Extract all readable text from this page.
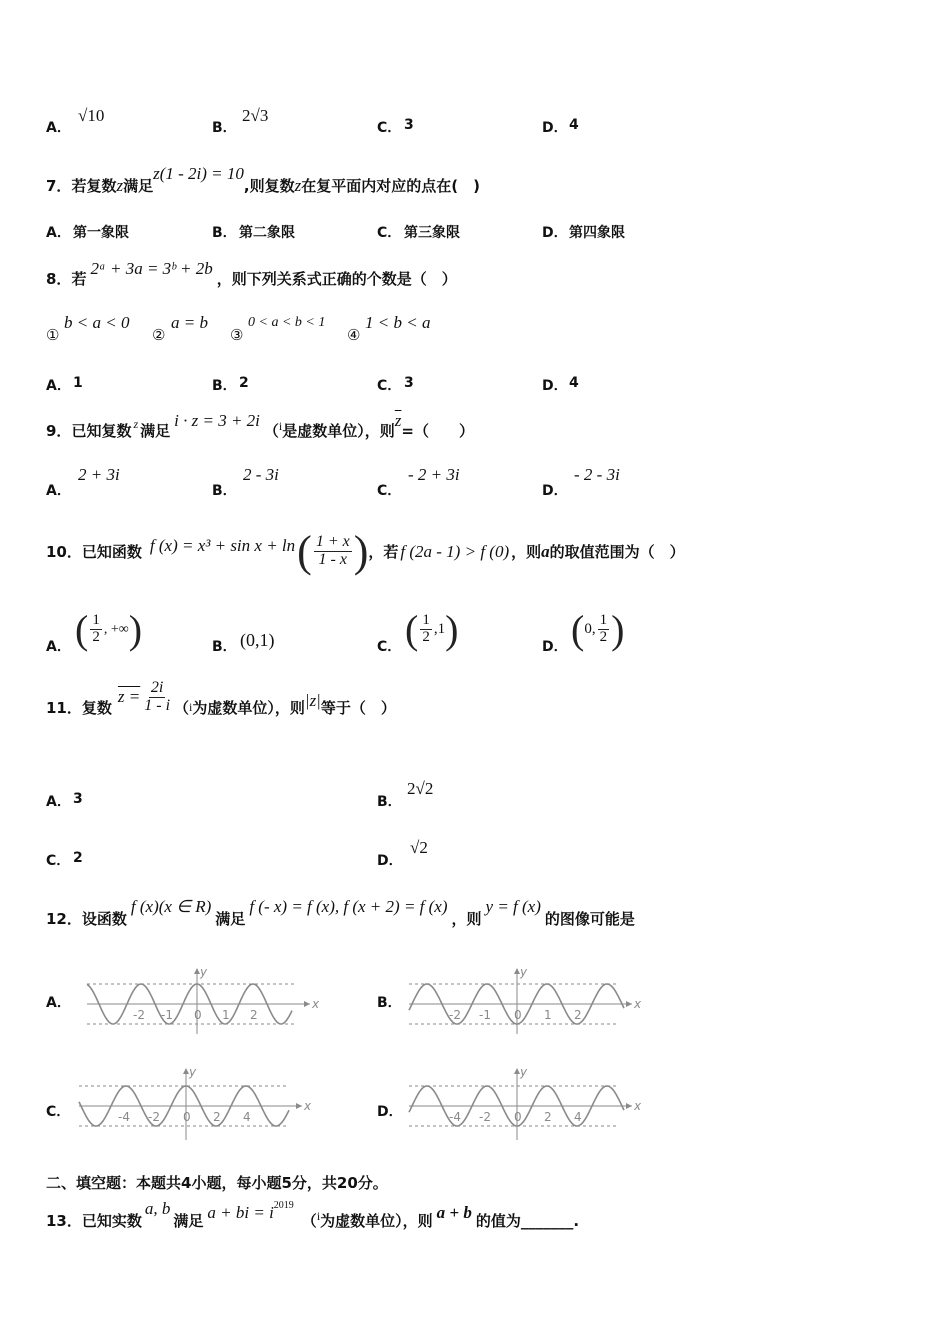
A．
√10
B．
2√3
C． 3	D． 4
7．若复数z满足z(1 - 2i) = 10,则复数z在复平面内对应的点在(　)
A． 第一象限	B． 第二象限	C． 第三象限	D． 第四象限
8．若2ᵃ + 3a = 3ᵇ + 2b，则下列关系式正确的个数是（　）
①
b < a < 0
②
a = b
③
0 < a < b < 1
④
1 < b < a
A． 1	B． 2	C． 3	D． 4
9．已知复数 $^z$ 满足i · z = 3 + 2i（$^i$是虚数单位），则$\overline{z}=$（　　）
A．
2 + 3i
B．
2 - 3i
C．
- 2 + 3i
D．
- 2 - 3i
10． 已知函数 f (x) = x³ + sin x + ln ( $\frac{1 + x}{1 - x}$ ) ，若 f (2a - 1) > f (0) ，则 a 的取值范围为（　）
A． ( $\frac{1}{2}$ , +∞ )	B． (0,1)	C． ( $\frac{1}{2} ,1$ )	D． ( 0, $\frac{1}{2}$ )
11． 复数
$z = \frac{2i}{1 - i}$ （ i 为虚数单位），则 |z| 等于（　）
A． 3	B．
2√2
C． 2	D．
√2
12．设函数f (x)(x ∈ R)满足f (- x) = f (x), f (x + 2) = f (x)，则y = f (x)的图像可能是
A．	x
y
-2 -1 0 1 2
B．	x
y
-2 -1 0 1 2
C．	x
y
-4 -2 0 2 4	D．	x
y
-4 -2 0 2 4
二、填空题：本题共4小题，每小题5分，共20分。
13．已知实数a, b满足 a + bi = $i^{2019}(^i$为虚数单位），则 a + b 的值为_______.
